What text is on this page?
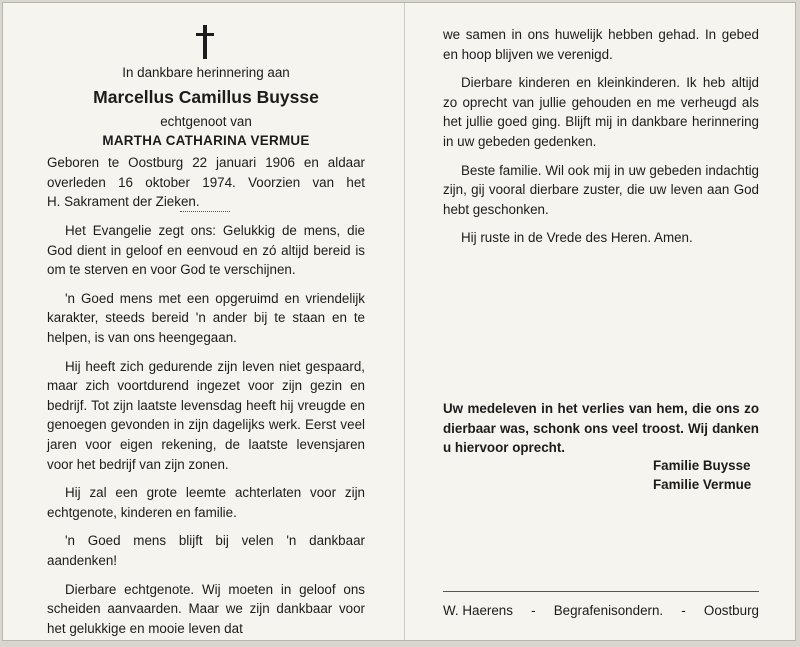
In dankbare herinnering aan
Marcellus Camillus Buysse
echtgenoot van
MARTHA CATHARINA VERMUE
Geboren te Oostburg 22 januari 1906 en aldaar
overleden 16 oktober 1974. Voorzien van het
H. Sakrament der Zieken.

Het Evangelie zegt ons: Gelukkig de mens, die God dient in geloof en eenvoud en zó altijd bereid is om te sterven en voor God te verschijnen.

'n Goed mens met een opgeruimd en vriendelijk karakter, steeds bereid 'n ander bij te staan en te helpen, is van ons heengegaan.

Hij heeft zich gedurende zijn leven niet gespaard, maar zich voortdurend ingezet voor zijn gezin en bedrijf. Tot zijn laatste levensdag heeft hij vreugde en genoegen gevonden in zijn dagelijks werk. Eerst veel jaren voor eigen rekening, de laatste levensjaren voor het bedrijf van zijn zonen.

Hij zal een grote leemte achterlaten voor zijn echtgenote, kinderen en familie.

'n Goed mens blijft bij velen 'n dankbaar aandenken!

Dierbare echtgenote. Wij moeten in geloof ons scheiden aanvaarden. Maar we zijn dankbaar voor het gelukkige en mooie leven dat

we samen in ons huwelijk hebben gehad. In gebed en hoop blijven we verenigd.

Dierbare kinderen en kleinkinderen. Ik heb altijd zo oprecht van jullie gehouden en me verheugd als het jullie goed ging. Blijft mij in dankbare herinnering in uw gebeden gedenken.

Beste familie. Wil ook mij in uw gebeden indachtig zijn, gij vooral dierbare zuster, die uw leven aan God hebt geschonken.

Hij ruste in de Vrede des Heren. Amen.

Uw medeleven in het verlies van hem, die ons zo dierbaar was, schonk ons veel troost. Wij danken u hiervoor oprecht.
Familie Buysse
Familie Vermue
W. Haerens - Begrafenisondern. - Oostburg
